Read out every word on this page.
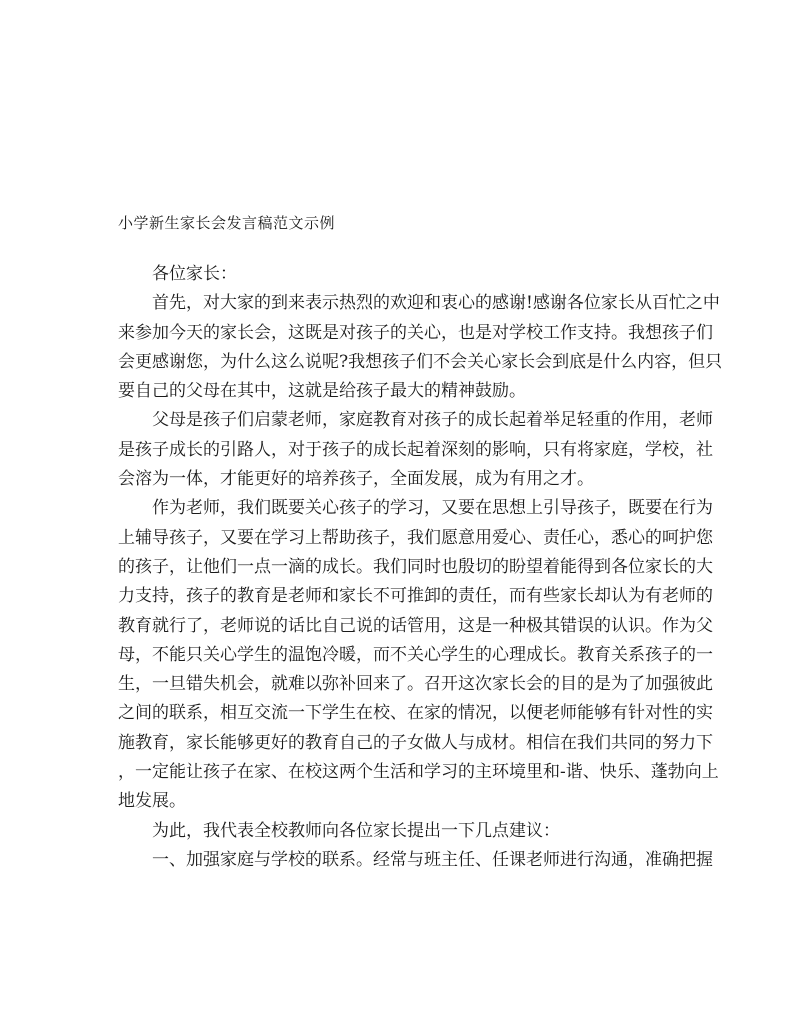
小学新生家长会发言稿范文示例
各位家长：
首先，对大家的到来表示热烈的欢迎和衷心的感谢!感谢各位家长从百忙之中
来参加今天的家长会，这既是对孩子的关心，也是对学校工作支持。我想孩子们
会更感谢您，为什么这么说呢?我想孩子们不会关心家长会到底是什么内容，但只
要自己的父母在其中，这就是给孩子最大的精神鼓励。
父母是孩子们启蒙老师，家庭教育对孩子的成长起着举足轻重的作用，老师
是孩子成长的引路人，对于孩子的成长起着深刻的影响，只有将家庭，学校，社
会溶为一体，才能更好的培养孩子，全面发展，成为有用之才。
作为老师，我们既要关心孩子的学习，又要在思想上引导孩子，既要在行为
上辅导孩子，又要在学习上帮助孩子，我们愿意用爱心、责任心，悉心的呵护您
的孩子，让他们一点一滴的成长。我们同时也殷切的盼望着能得到各位家长的大
力支持，孩子的教育是老师和家长不可推卸的责任，而有些家长却认为有老师的
教育就行了，老师说的话比自己说的话管用，这是一种极其错误的认识。作为父
母，不能只关心学生的温饱冷暖，而不关心学生的心理成长。教育关系孩子的一
生，一旦错失机会，就难以弥补回来了。召开这次家长会的目的是为了加强彼此
之间的联系，相互交流一下学生在校、在家的情况，以便老师能够有针对性的实
施教育，家长能够更好的教育自己的子女做人与成材。相信在我们共同的努力下
，一定能让孩子在家、在校这两个生活和学习的主环境里和-谐、快乐、蓬勃向上
地发展。
为此，我代表全校教师向各位家长提出一下几点建议：
一、加强家庭与学校的联系。经常与班主任、任课老师进行沟通，准确把握
